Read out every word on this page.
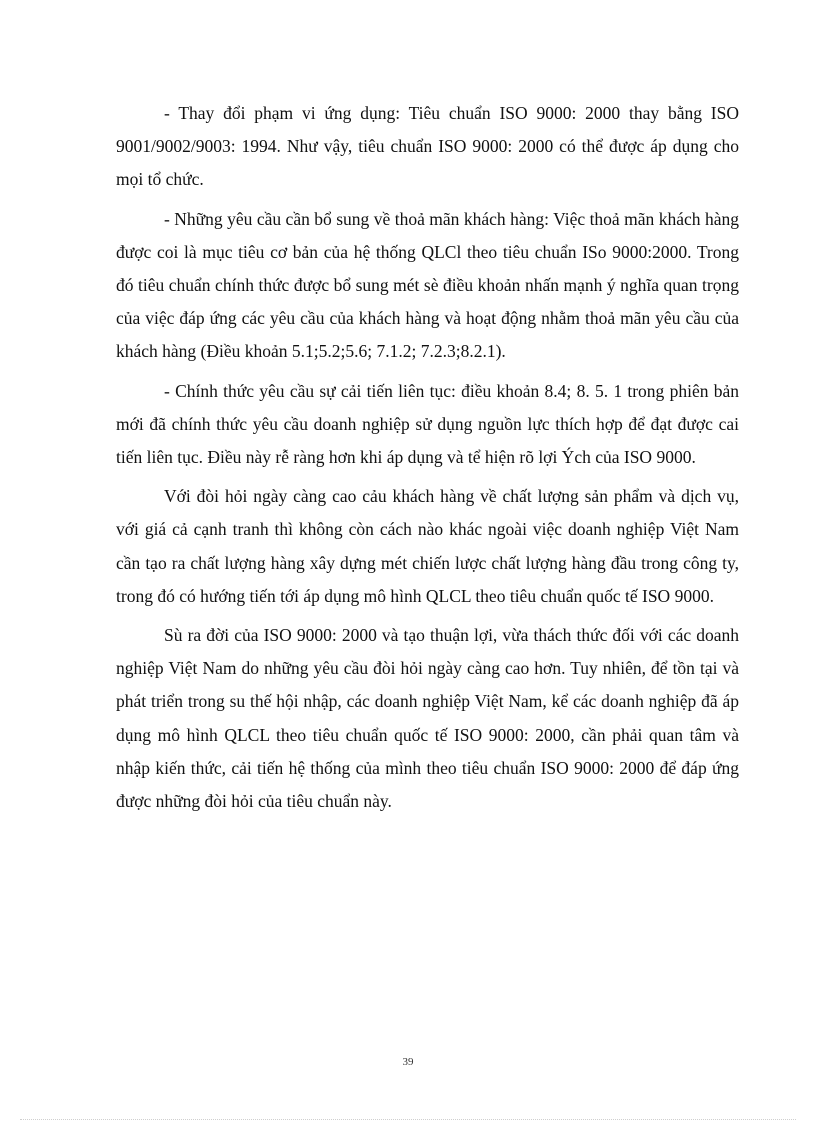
- Thay đổi phạm vi ứng dụng: Tiêu chuẩn ISO 9000: 2000 thay bằng ISO 9001/9002/9003: 1994. Như vậy, tiêu chuẩn ISO 9000: 2000 có thể được áp dụng cho mọi tổ chức.

- Những yêu cầu cần bổ sung về thoả mãn khách hàng: Việc thoả mãn khách hàng được coi là mục tiêu cơ bản của hệ thống QLCl theo tiêu chuẩn ISo 9000:2000. Trong đó tiêu chuẩn chính thức được bổ sung mét sè điều khoản nhấn mạnh ý nghĩa quan trọng của việc đáp ứng các yêu cầu của khách hàng và hoạt động nhằm thoả mãn yêu cầu của khách hàng (Điều khoản 5.1;5.2;5.6; 7.1.2; 7.2.3;8.2.1).

- Chính thức yêu cầu sự cải tiến liên tục: điều khoản 8.4; 8. 5. 1 trong phiên bản mới đã chính thức yêu cầu doanh nghiệp sử dụng nguồn lực thích hợp để đạt được cai tiến liên tục. Điều này rễ ràng hơn khi áp dụng và tể hiện rõ lợi Ých của ISO 9000.

Với đòi hỏi ngày càng cao cảu khách hàng về chất lượng sản phẩm và dịch vụ, với giá cả cạnh tranh thì không còn cách nào khác ngoài việc doanh nghiệp Việt Nam cần tạo ra chất lượng hàng xây dựng mét chiến lược chất lượng hàng đầu trong công ty, trong đó có hướng tiến tới áp dụng mô hình QLCL theo tiêu chuẩn quốc tế ISO 9000.

Sù ra đời của ISO 9000: 2000 và tạo thuận lợi, vừa thách thức đối với các doanh nghiệp Việt Nam do những yêu cầu đòi hỏi ngày càng cao hơn. Tuy nhiên, để tồn tại và phát triển trong su thế hội nhập, các doanh nghiệp Việt Nam, kể các doanh nghiệp đã áp dụng mô hình QLCL theo tiêu chuẩn quốc tế ISO 9000: 2000, cần phải quan tâm và nhập kiến thức, cải tiến hệ thống của mình theo tiêu chuẩn ISO 9000: 2000 để đáp ứng được những đòi hỏi của tiêu chuẩn này.

39
